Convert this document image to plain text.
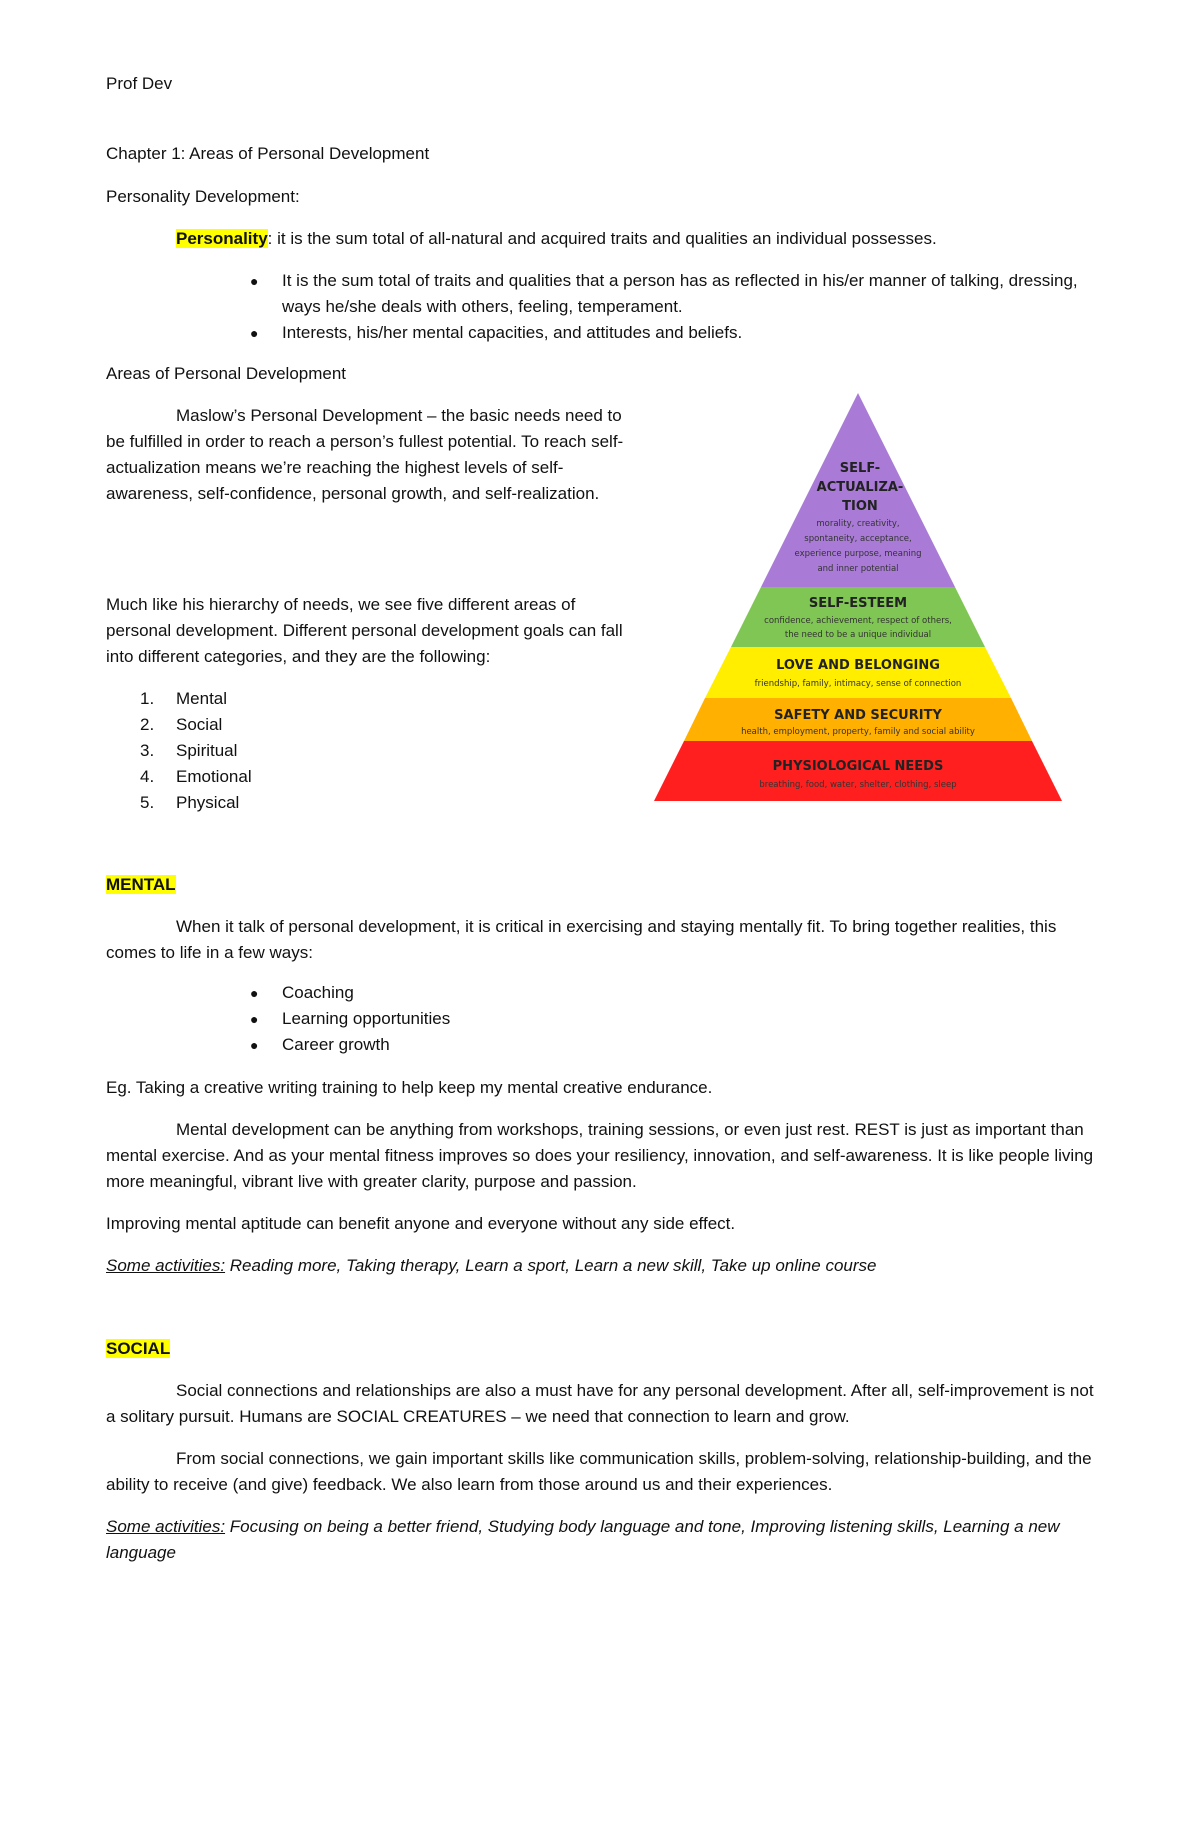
Prof Dev
Chapter 1: Areas of Personal Development
Personality Development:
Personality: it is the sum total of all-natural and acquired traits and qualities an individual possesses.
● It is the sum total of traits and qualities that a person has as reflected in his/er manner of talking, dressing, ways he/she deals with others, feeling, temperament.
● Interests, his/her mental capacities, and attitudes and beliefs.
Areas of Personal Development

Maslow’s Personal Development – the basic needs need to be fulfilled in order to reach a person’s fullest potential. To reach self-actualization means we’re reaching the highest levels of self-awareness, self-confidence, personal growth, and self-realization.

Much like his hierarchy of needs, we see five different areas of personal development. Different personal development goals can fall into different categories, and they are the following:

1. Mental
2. Social
3. Spiritual
4. Emotional
5. Physical
SELF-
ACTUALIZA-
TION
morality, creativity,
spontaneity, acceptance,
experience purpose, meaning
and inner potential
SELF-ESTEEM
confidence, achievement, respect of others,
the need to be a unique individual
LOVE AND BELONGING
friendship, family, intimacy, sense of connection
SAFETY AND SECURITY
health, employment, property, family and social ability
PHYSIOLOGICAL NEEDS
breathing, food, water, shelter, clothing, sleep
MENTAL

When it talk of personal development, it is critical in exercising and staying mentally fit. To bring together realities, this comes to life in a few ways:

● Coaching
● Learning opportunities
● Career growth

Eg. Taking a creative writing training to help keep my mental creative endurance.

Mental development can be anything from workshops, training sessions, or even just rest. REST is just as important than mental exercise. And as your mental fitness improves so does your resiliency, innovation, and self-awareness. It is like people living more meaningful, vibrant live with greater clarity, purpose and passion.

Improving mental aptitude can benefit anyone and everyone without any side effect.

Some activities: Reading more, Taking therapy, Learn a sport, Learn a new skill, Take up online course

SOCIAL

Social connections and relationships are also a must have for any personal development. After all, self-improvement is not a solitary pursuit. Humans are SOCIAL CREATURES – we need that connection to learn and grow.

From social connections, we gain important skills like communication skills, problem-solving, relationship-building, and the ability to receive (and give) feedback. We also learn from those around us and their experiences.

Some activities: Focusing on being a better friend, Studying body language and tone, Improving listening skills, Learning a new language
